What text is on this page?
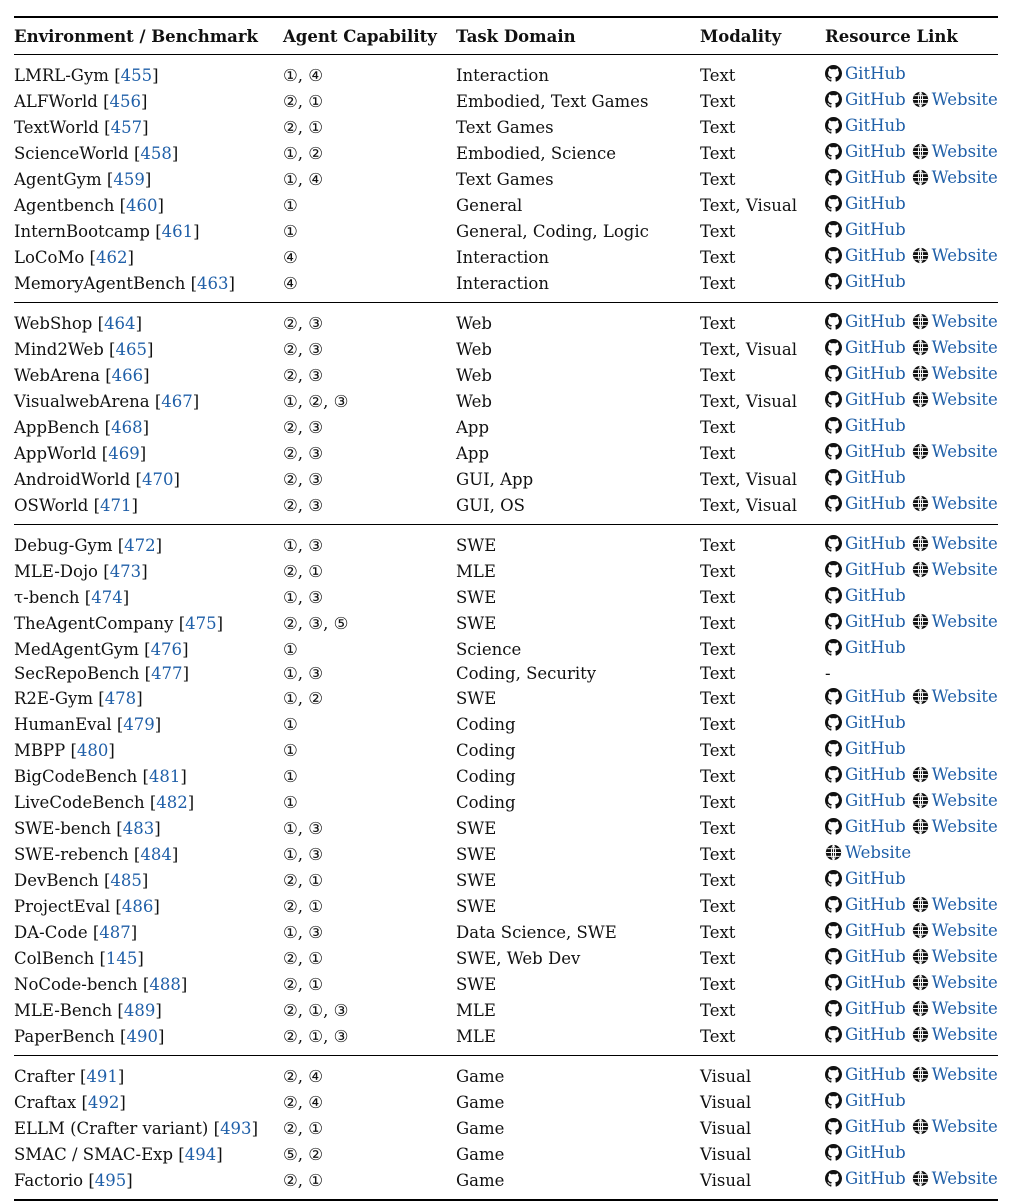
Environment / Benchmark	Agent Capability	Task Domain	Modality	Resource Link
LMRL-Gym [455]	①, ④	Interaction	Text	GitHub

ALFWorld [456]	②, ①	Embodied, Text Games	Text	GitHub Website

TextWorld [457]	②, ①	Text Games	Text	GitHub

ScienceWorld [458]	①, ②	Embodied, Science	Text	GitHub Website

AgentGym [459]	①, ④	Text Games	Text	GitHub Website

Agentbench [460]	①	General	Text, Visual	GitHub

InternBootcamp [461]	①	General, Coding, Logic	Text	GitHub

LoCoMo [462]	④	Interaction	Text	GitHub Website

MemoryAgentBench [463]	④	Interaction	Text	GitHub

WebShop [464]	②, ③	Web	Text	GitHub Website

Mind2Web [465]	②, ③	Web	Text, Visual	GitHub Website

WebArena [466]	②, ③	Web	Text	GitHub Website

VisualwebArena [467]	①, ②, ③	Web	Text, Visual	GitHub Website

AppBench [468]	②, ③	App	Text	GitHub

AppWorld [469]	②, ③	App	Text	GitHub Website

AndroidWorld [470]	②, ③	GUI, App	Text, Visual	GitHub

OSWorld [471]	②, ③	GUI, OS	Text, Visual	GitHub Website

Debug-Gym [472]	①, ③	SWE	Text	GitHub Website

MLE-Dojo [473]	②, ①	MLE	Text	GitHub Website

τ-bench [474]	①, ③	SWE	Text	GitHub

TheAgentCompany [475]	②, ③, ⑤	SWE	Text	GitHub Website

MedAgentGym [476]	①	Science	Text	GitHub

SecRepoBench [477]	①, ③	Coding, Security	Text	-
R2E-Gym [478]	①, ②	SWE	Text	GitHub Website

HumanEval [479]	①	Coding	Text	GitHub

MBPP [480]	①	Coding	Text	GitHub

BigCodeBench [481]	①	Coding	Text	GitHub Website

LiveCodeBench [482]	①	Coding	Text	GitHub Website

SWE-bench [483]	①, ③	SWE	Text	GitHub Website

SWE-rebench [484]	①, ③	SWE	Text	Website

DevBench [485]	②, ①	SWE	Text	GitHub

ProjectEval [486]	②, ①	SWE	Text	GitHub Website

DA-Code [487]	①, ③	Data Science, SWE	Text	GitHub Website

ColBench [145]	②, ①	SWE, Web Dev	Text	GitHub Website

NoCode-bench [488]	②, ①	SWE	Text	GitHub Website

MLE-Bench [489]	②, ①, ③	MLE	Text	GitHub Website

PaperBench [490]	②, ①, ③	MLE	Text	GitHub Website

Crafter [491]	②, ④	Game	Visual	GitHub Website

Craftax [492]	②, ④	Game	Visual	GitHub

ELLM (Crafter variant) [493]	②, ①	Game	Visual	GitHub Website

SMAC / SMAC-Exp [494]	⑤, ②	Game	Visual	GitHub

Factorio [495]	②, ①	Game	Visual	GitHub Website
